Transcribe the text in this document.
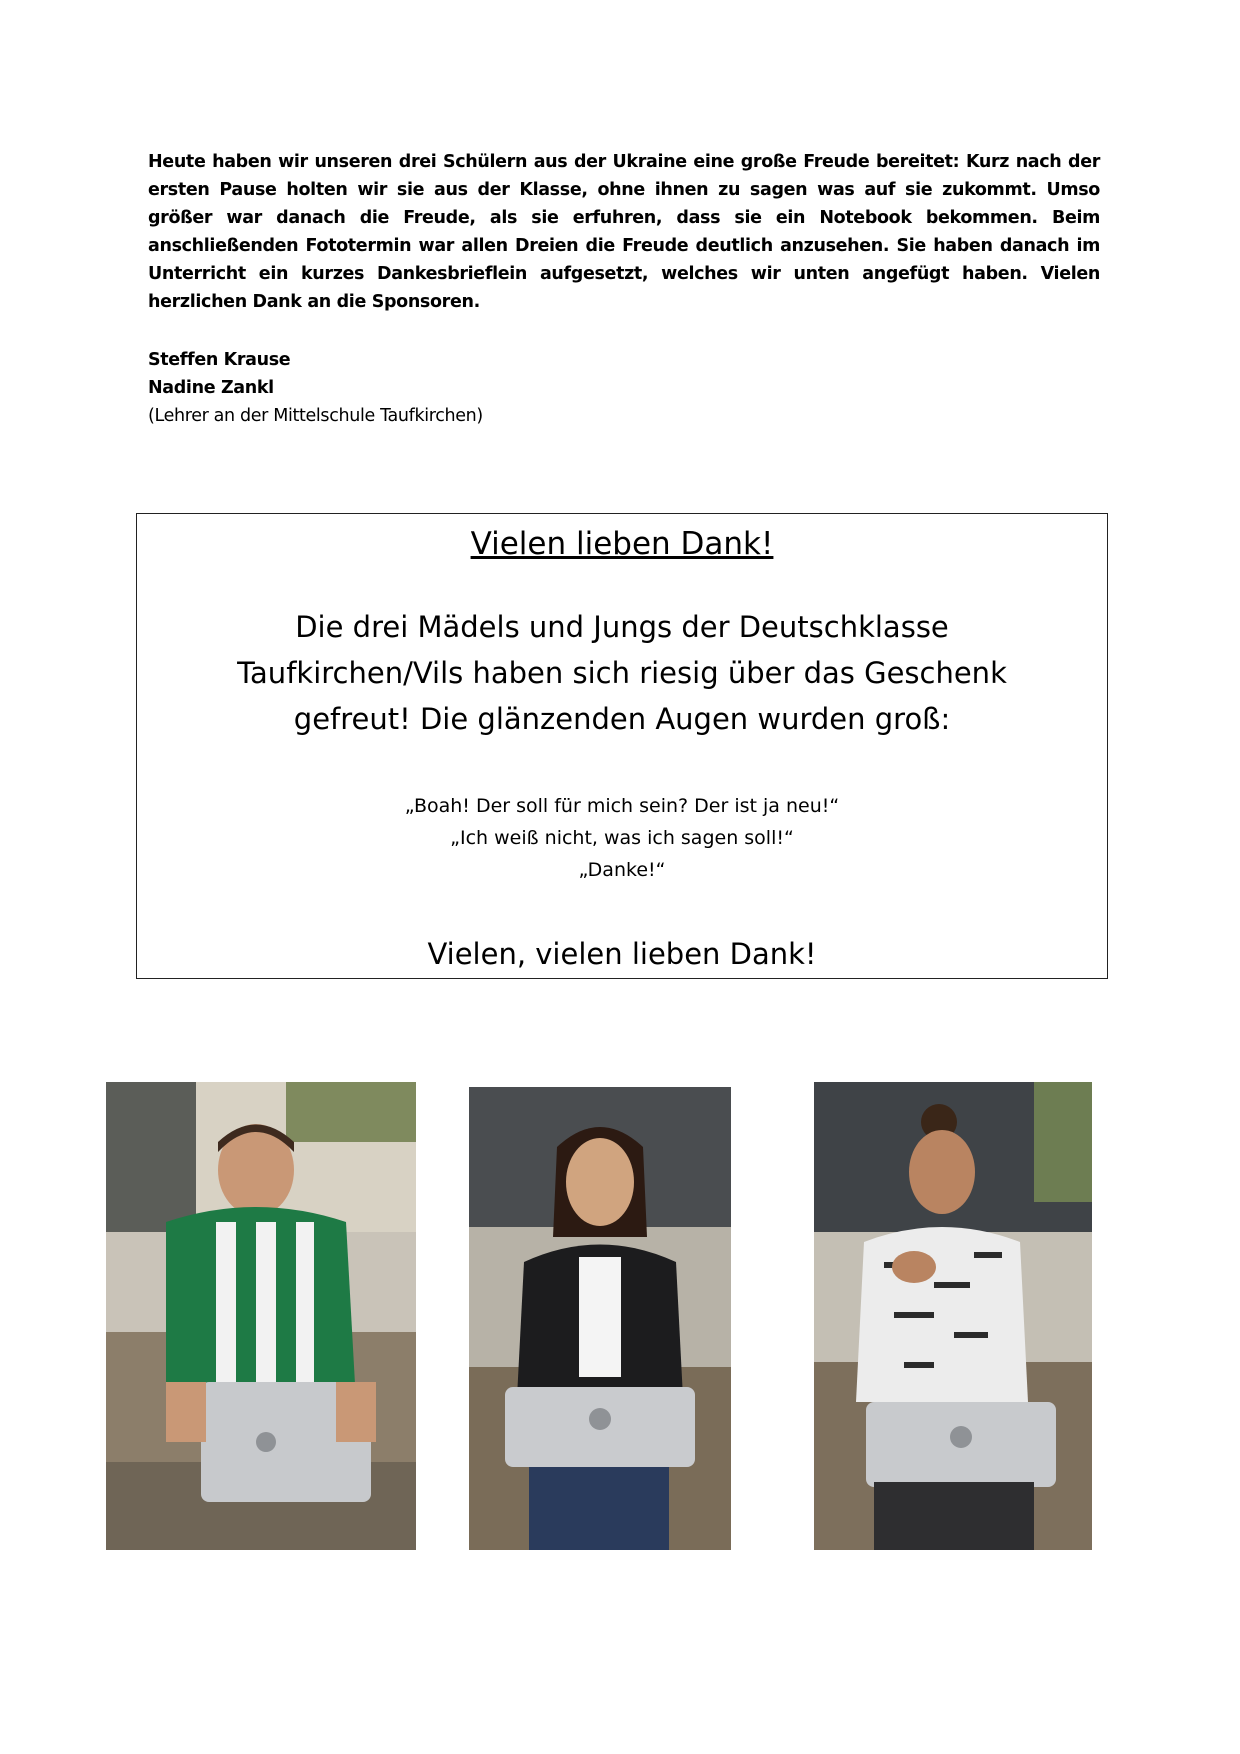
Heute haben wir unseren drei Schülern aus der Ukraine eine große Freude bereitet: Kurz nach der ersten Pause holten wir sie aus der Klasse, ohne ihnen zu sagen was auf sie zukommt. Umso größer war danach die Freude, als sie erfuhren, dass sie ein Notebook bekommen. Beim anschließenden Fototermin war allen Dreien die Freude deutlich anzusehen. Sie haben danach im Unterricht ein kurzes Dankesbrieflein aufgesetzt, welches wir unten angefügt haben. Vielen herzlichen Dank an die Sponsoren.

Steffen Krause
Nadine Zankl
(Lehrer an der Mittelschule Taufkirchen)
Vielen lieben Dank!
Die drei Mädels und Jungs der Deutschklasse
Taufkirchen/Vils haben sich riesig über das Geschenk
gefreut! Die glänzenden Augen wurden groß:
„Boah! Der soll für mich sein? Der ist ja neu!“
„Ich weiß nicht, was ich sagen soll!“
„Danke!“
Vielen, vielen lieben Dank!
